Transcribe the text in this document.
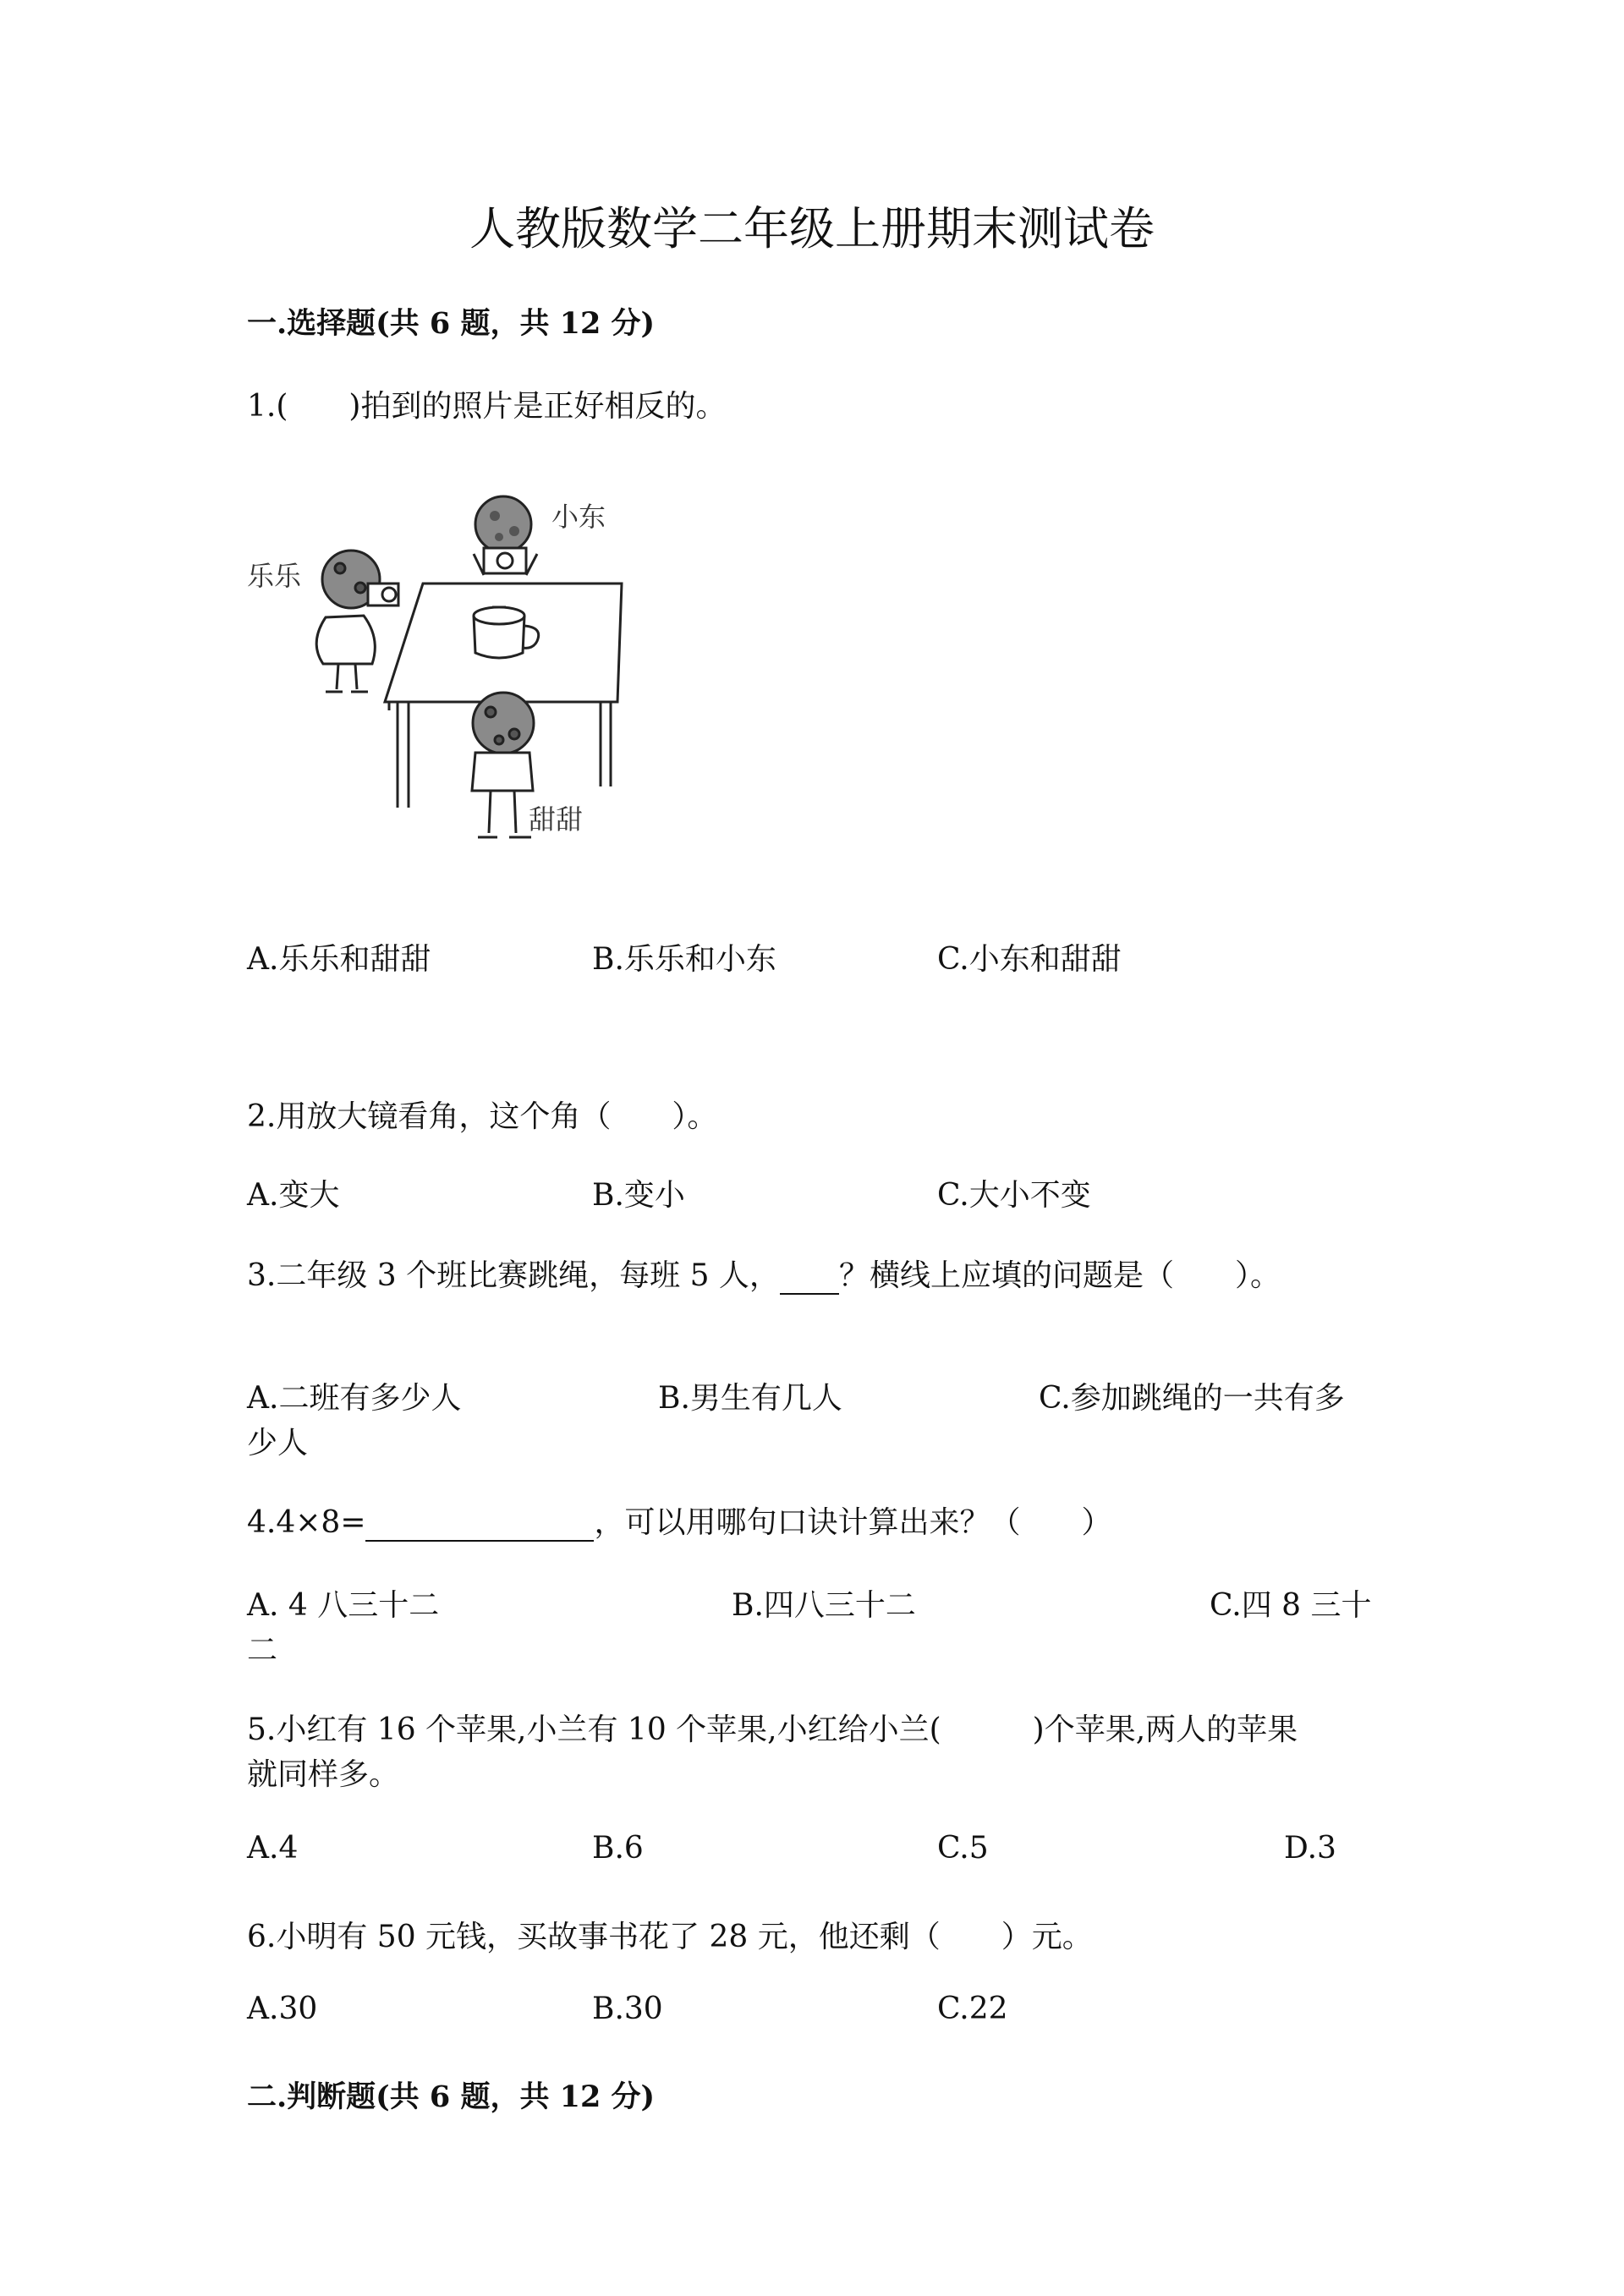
人教版数学二年级上册期末测试卷
一.选择题(共 6 题，共 12 分)
1.(　　)拍到的照片是正好相反的。
小东
乐乐
甜甜
A.乐乐和甜甜	B.乐乐和小东	C.小东和甜甜
2.用放大镜看角，这个角（　　）。
A.变大	B.变小	C.大小不变
3.二年级 3 个班比赛跳绳，每班 5 人， ？横线上应填的问题是（　　）。
A.二班有多少人	B.男生有几人	C.参加跳绳的一共有多
少人
4.4×8=	，可以用哪句口诀计算出来？（　　）
A. 4 八三十二	B.四八三十二	C.四 8 三十
二
5.小红有 16 个苹果,小兰有 10 个苹果,小红给小兰(　　　)个苹果,两人的苹果
就同样多。
A.4	B.6	C.5	D.3
6.小明有 50 元钱，买故事书花了 28 元，他还剩（　　）元。
A.30	B.30	C.22
二.判断题(共 6 题，共 12 分)
